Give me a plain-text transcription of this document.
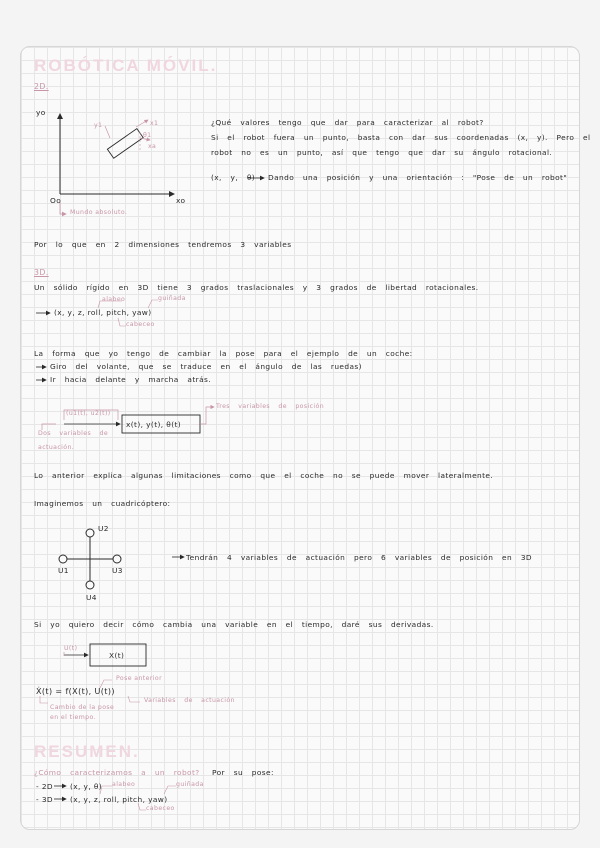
ROBÓTICA MÓVIL.
2D.
yo
xo
Oo
Mundo absoluto.
y1	x1
θ1
xa
¿Qué valores tengo que dar para caracterizar al robot?
Si el robot fuera un punto, basta con dar sus coordenadas (x, y). Pero el
robot no es un punto, así que tengo que dar su ángulo rotacional.
(x, y, θ) Dando una posición y una orientación : "Pose de un robot"
Por lo que en 2 dimensiones tendremos 3 variables
3D.
Un sólido rígido en 3D tiene 3 grados traslacionales y 3 grados de libertad rotacionales.
(x, y, z, roll, pitch, yaw)
alabeo	guiñada
cabeceo
La forma que yo tengo de cambiar la pose para el ejemplo de un coche:
Giro del volante, que se traduce en el ángulo de las ruedas)
Ir hacia delante y marcha atrás.
(u1(t), u2(t))
x(t), y(t), θ(t)
Tres variables de posición
Dos variables de
actuación.
Lo anterior explica algunas limitaciones como que el coche no se puede mover lateralmente.
Imaginemos un cuadricóptero:
U2
U1	U3
U4
Tendrán 4 variables de actuación pero 6 variables de posición en 3D
Si yo quiero decir cómo cambia una variable en el tiempo, daré sus derivadas.
U(t)
X(t)
Ẋ(t) = f(X(t), U(t))
Pose anterior
Variables de actuación
Cambio de la pose
en el tiempo.
RESUMEN.
¿Cómo caracterizamos a un robot? Por su pose:
- 2D (x, y, θ)
- 3D (x, y, z, roll, pitch, yaw)
alabeo	guiñada
cabeceo
